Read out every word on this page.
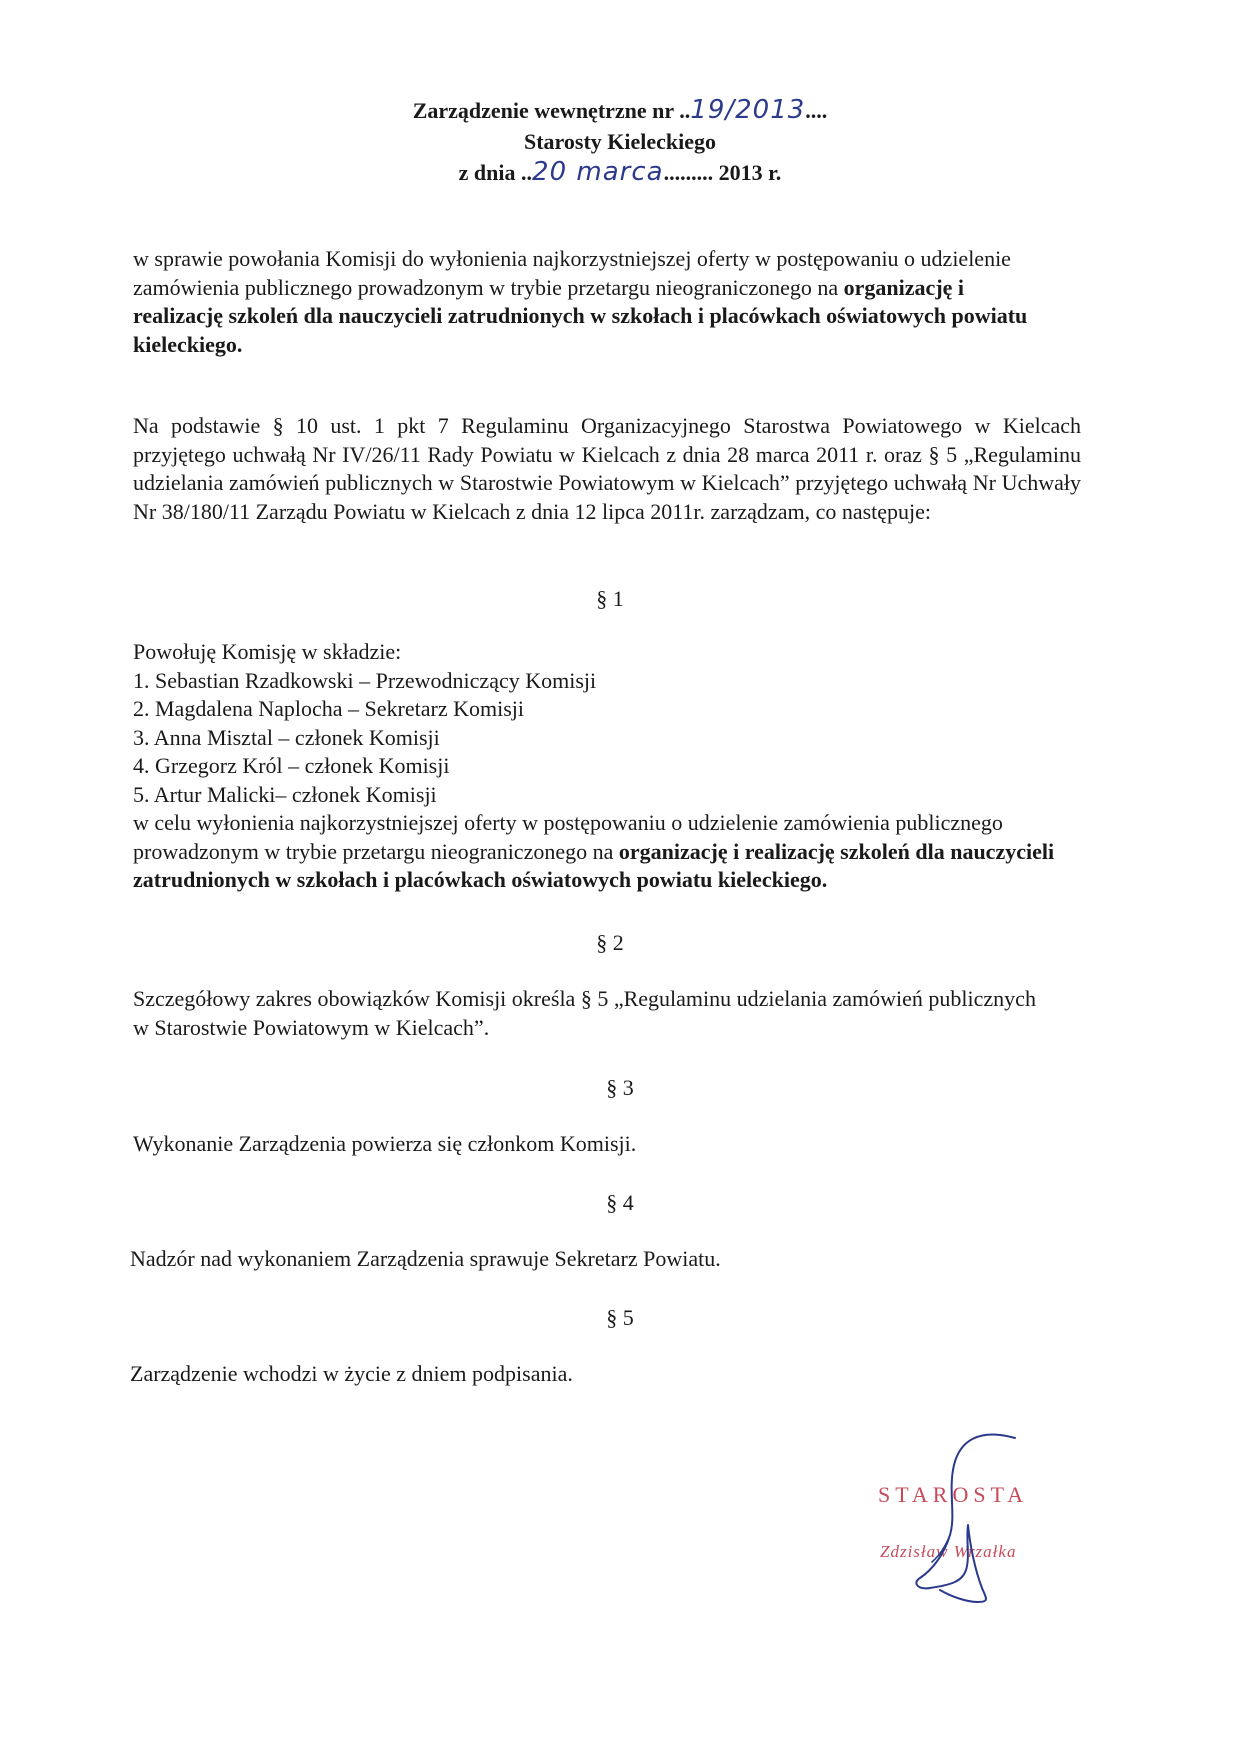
Zarządzenie wewnętrzne nr ..19/2013....
Starosty Kieleckiego
z dnia ..20 marca......... 2013 r.
w sprawie powołania Komisji do wyłonienia najkorzystniejszej oferty w postępowaniu o udzielenie zamówienia publicznego prowadzonym w trybie przetargu nieograniczonego na organizację i realizację szkoleń dla nauczycieli zatrudnionych w szkołach i placówkach oświatowych powiatu kieleckiego.
Na podstawie § 10 ust. 1 pkt 7 Regulaminu Organizacyjnego Starostwa Powiatowego w Kielcach przyjętego uchwałą Nr IV/26/11 Rady Powiatu w Kielcach z dnia 28 marca 2011 r. oraz § 5 „Regulaminu udzielania zamówień publicznych w Starostwie Powiatowym w Kielcach” przyjętego uchwałą Nr Uchwały Nr 38/180/11 Zarządu Powiatu w Kielcach z dnia 12 lipca 2011r. zarządzam, co następuje:
§ 1
Powołuję Komisję w składzie:
1. Sebastian Rzadkowski – Przewodniczący Komisji
2. Magdalena Naplocha – Sekretarz Komisji
3. Anna Misztal – członek Komisji
4. Grzegorz Król – członek Komisji
5. Artur Malicki– członek Komisji
w celu wyłonienia najkorzystniejszej oferty w postępowaniu o udzielenie zamówienia publicznego prowadzonym w trybie przetargu nieograniczonego na organizację i realizację szkoleń dla nauczycieli zatrudnionych w szkołach i placówkach oświatowych powiatu kieleckiego.
§ 2
Szczegółowy zakres obowiązków Komisji określa § 5 „Regulaminu udzielania zamówień publicznych w Starostwie Powiatowym w Kielcach”.
§ 3
Wykonanie Zarządzenia powierza się członkom Komisji.
§ 4
Nadzór nad wykonaniem Zarządzenia sprawuje Sekretarz Powiatu.
§ 5
Zarządzenie wchodzi w życie z dniem podpisania.
STAROSTA
Zdzisław Wrzałka
